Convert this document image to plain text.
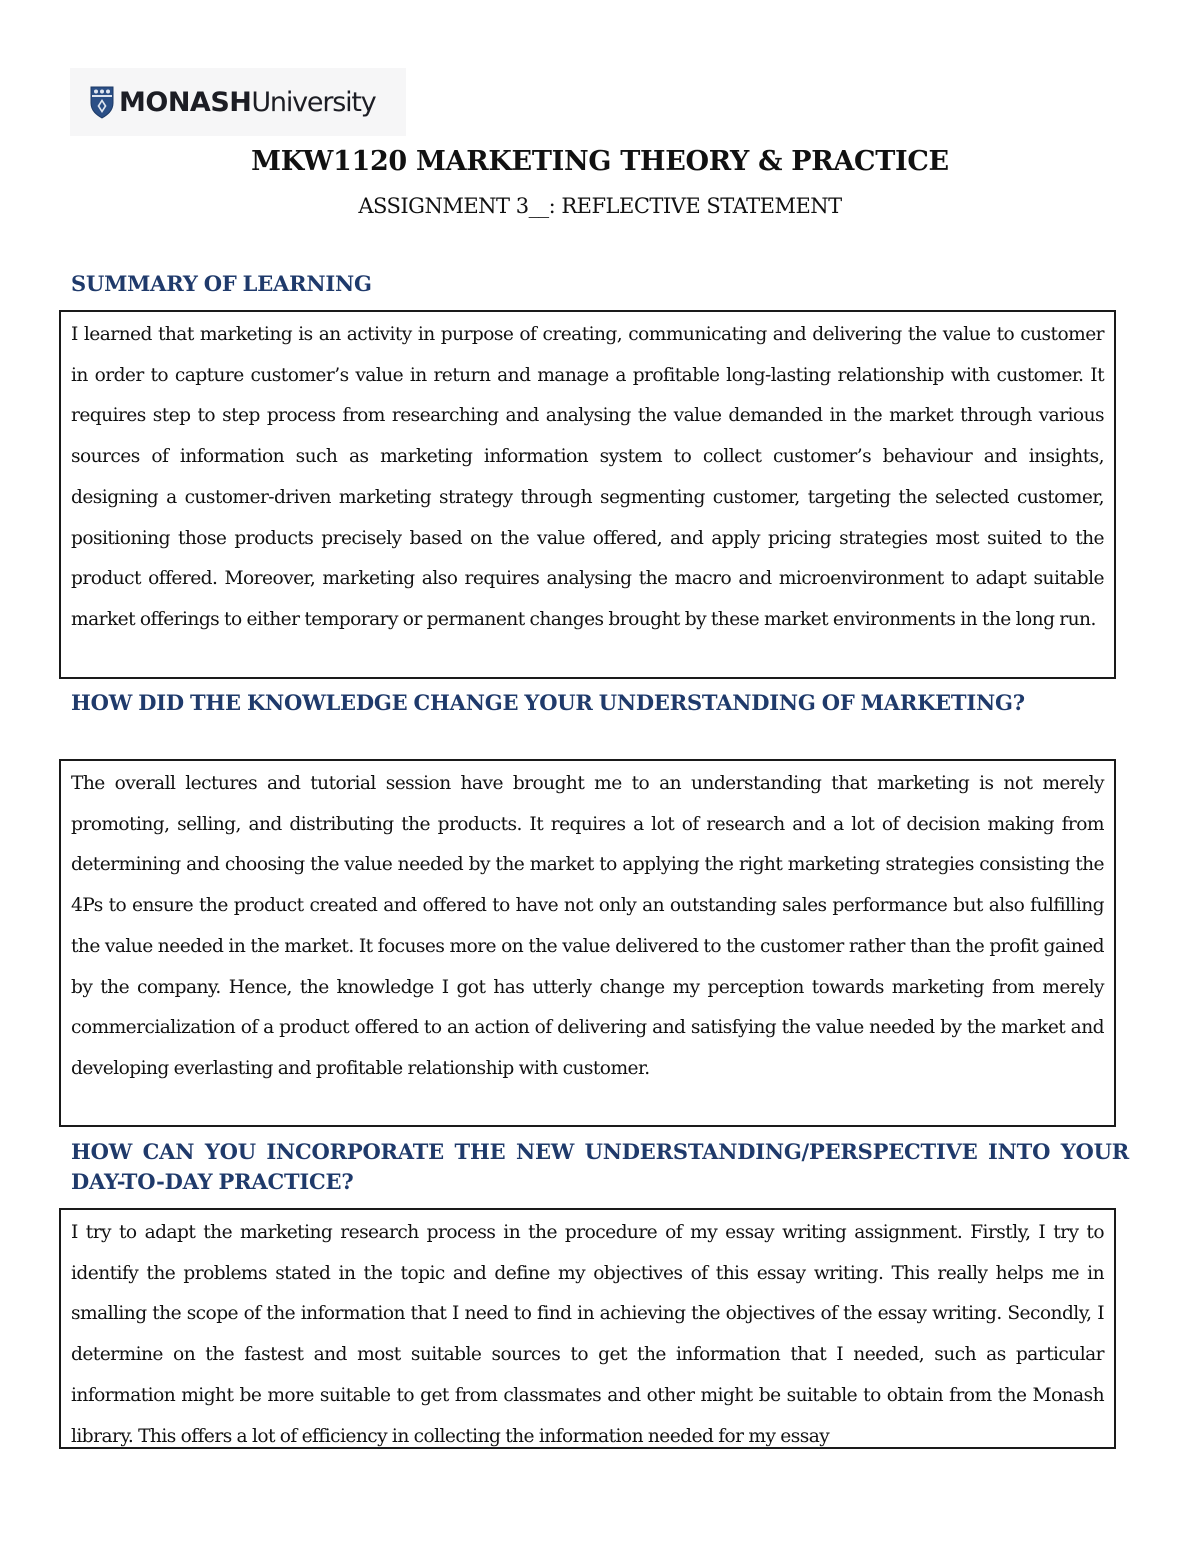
MONASHUniversity
MKW1120 MARKETING THEORY & PRACTICE
ASSIGNMENT 3__: REFLECTIVE STATEMENT
SUMMARY OF LEARNING

I learned that marketing is an activity in purpose of creating, communicating and delivering the value to customer in order to capture customer’s value in return and manage a profitable long-lasting relationship with customer. It requires step to step process from researching and analysing the value demanded in the market through various sources of information such as marketing information system to collect customer’s behaviour and insights, designing a customer-driven marketing strategy through segmenting customer, targeting the selected customer, positioning those products precisely based on the value offered, and apply pricing strategies most suited to the product offered. Moreover, marketing also requires analysing the macro and microenvironment to adapt suitable market offerings to either temporary or permanent changes brought by these market environments in the long run.

HOW DID THE KNOWLEDGE CHANGE YOUR UNDERSTANDING OF MARKETING?

The overall lectures and tutorial session have brought me to an understanding that marketing is not merely promoting, selling, and distributing the products. It requires a lot of research and a lot of decision making from determining and choosing the value needed by the market to applying the right marketing strategies consisting the 4Ps to ensure the product created and offered to have not only an outstanding sales performance but also fulfilling the value needed in the market. It focuses more on the value delivered to the customer rather than the profit gained by the company. Hence, the knowledge I got has utterly change my perception towards marketing from merely commercialization of a product offered to an action of delivering and satisfying the value needed by the market and developing everlasting and profitable relationship with customer.

HOW CAN YOU INCORPORATE THE NEW UNDERSTANDING/PERSPECTIVE INTO YOUR DAY-TO-DAY PRACTICE?

I try to adapt the marketing research process in the procedure of my essay writing assignment. Firstly, I try to identify the problems stated in the topic and define my objectives of this essay writing. This really helps me in smalling the scope of the information that I need to find in achieving the objectives of the essay writing. Secondly, I determine on the fastest and most suitable sources to get the information that I needed, such as particular information might be more suitable to get from classmates and other might be suitable to obtain from the Monash library. This offers a lot of efficiency in collecting the information needed for my essay
